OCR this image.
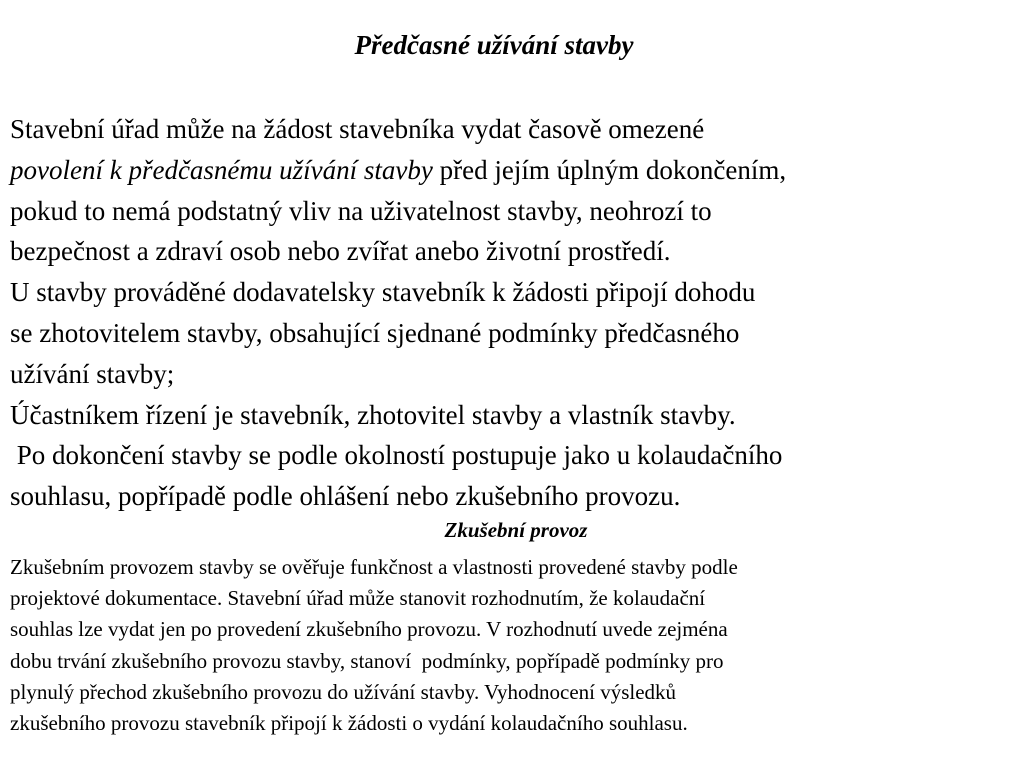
Předčasné užívání stavby
Stavební úřad může na žádost stavebníka vydat časově omezené
povolení k předčasnému užívání stavby před jejím úplným dokončením,
pokud to nemá podstatný vliv na uživatelnost stavby, neohrozí to
bezpečnost a zdraví osob nebo zvířat anebo životní prostředí.
U stavby prováděné dodavatelsky stavebník k žádosti připojí dohodu
se zhotovitelem stavby, obsahující sjednané podmínky předčasného
užívání stavby;
Účastníkem řízení je stavebník, zhotovitel stavby a vlastník stavby.
Po dokončení stavby se podle okolností postupuje jako u kolaudačního
souhlasu, popřípadě podle ohlášení nebo zkušebního provozu.
Zkušební provoz
Zkušebním provozem stavby se ověřuje funkčnost a vlastnosti provedené stavby podle
projektové dokumentace. Stavební úřad může stanovit rozhodnutím, že kolaudační
souhlas lze vydat jen po provedení zkušebního provozu. V rozhodnutí uvede zejména
dobu trvání zkušebního provozu stavby, stanoví  podmínky, popřípadě podmínky pro
plynulý přechod zkušebního provozu do užívání stavby. Vyhodnocení výsledků
zkušebního provozu stavebník připojí k žádosti o vydání kolaudačního souhlasu.
